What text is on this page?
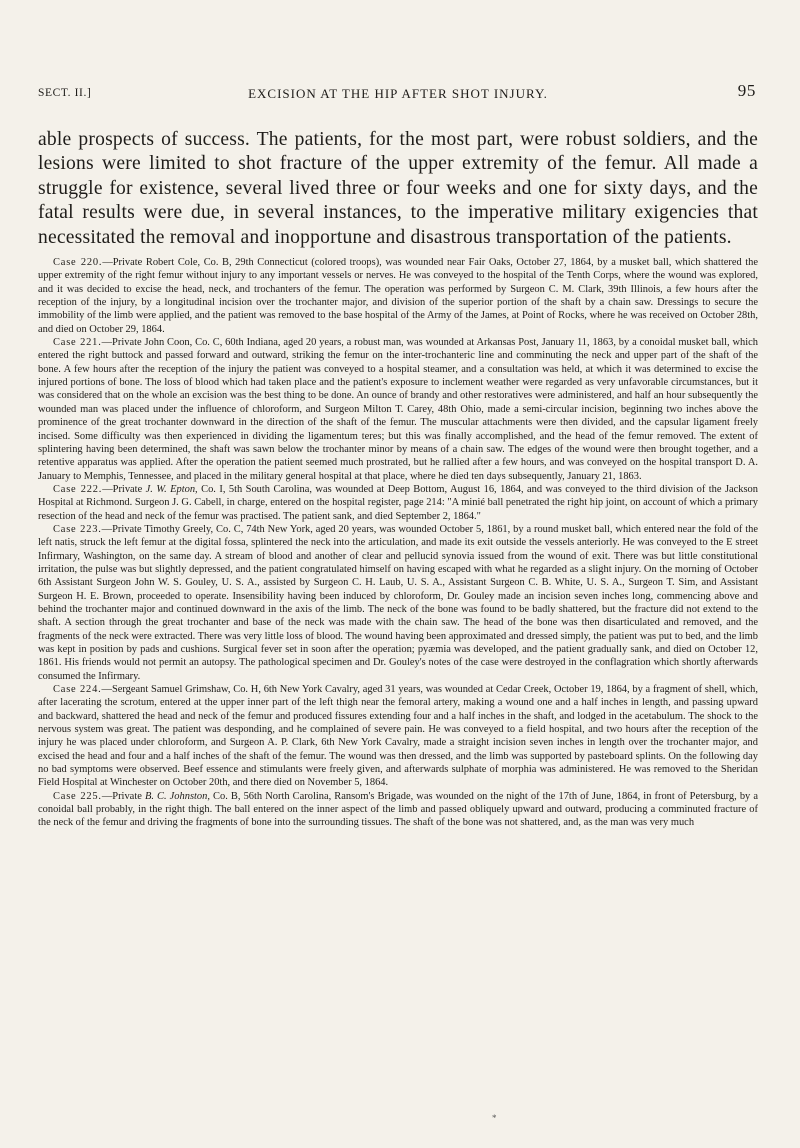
SECT. II.]	EXCISION AT THE HIP AFTER SHOT INJURY.	95

able prospects of success. The patients, for the most part, were robust soldiers, and the lesions were limited to shot fracture of the upper extremity of the femur. All made a struggle for existence, several lived three or four weeks and one for sixty days, and the fatal results were due, in several instances, to the imperative military exigencies that necessitated the removal and inopportune and disastrous transportation of the patients.

Case 220.—Private Robert Cole, Co. B, 29th Connecticut (colored troops), was wounded near Fair Oaks, October 27, 1864, by a musket ball, which shattered the upper extremity of the right femur without injury to any important vessels or nerves. He was conveyed to the hospital of the Tenth Corps, where the wound was explored, and it was decided to excise the head, neck, and trochanters of the femur. The operation was performed by Surgeon C. M. Clark, 39th Illinois, a few hours after the reception of the injury, by a longitudinal incision over the trochanter major, and division of the superior portion of the shaft by a chain saw. Dressings to secure the immobility of the limb were applied, and the patient was removed to the base hospital of the Army of the James, at Point of Rocks, where he was received on October 28th, and died on October 29, 1864.

Case 221.—Private John Coon, Co. C, 60th Indiana, aged 20 years, a robust man, was wounded at Arkansas Post, January 11, 1863, by a conoidal musket ball, which entered the right buttock and passed forward and outward, striking the femur on the inter-trochanteric line and comminuting the neck and upper part of the shaft of the bone. A few hours after the reception of the injury the patient was conveyed to a hospital steamer, and a consultation was held, at which it was determined to excise the injured portions of bone. The loss of blood which had taken place and the patient's exposure to inclement weather were regarded as very unfavorable circumstances, but it was considered that on the whole an excision was the best thing to be done. An ounce of brandy and other restoratives were administered, and half an hour subsequently the wounded man was placed under the influence of chloroform, and Surgeon Milton T. Carey, 48th Ohio, made a semi-circular incision, beginning two inches above the prominence of the great trochanter downward in the direction of the shaft of the femur. The muscular attachments were then divided, and the capsular ligament freely incised. Some difficulty was then experienced in dividing the ligamentum teres; but this was finally accomplished, and the head of the femur removed. The extent of splintering having been determined, the shaft was sawn below the trochanter minor by means of a chain saw. The edges of the wound were then brought together, and a retentive apparatus was applied. After the operation the patient seemed much prostrated, but he rallied after a few hours, and was conveyed on the hospital transport D. A. January to Memphis, Tennessee, and placed in the military general hospital at that place, where he died ten days subsequently, January 21, 1863.

Case 222.—Private J. W. Epton, Co. I, 5th South Carolina, was wounded at Deep Bottom, August 16, 1864, and was conveyed to the third division of the Jackson Hospital at Richmond. Surgeon J. G. Cabell, in charge, entered on the hospital register, page 214: "A minié ball penetrated the right hip joint, on account of which a primary resection of the head and neck of the femur was practised. The patient sank, and died September 2, 1864."

Case 223.—Private Timothy Greely, Co. C, 74th New York, aged 20 years, was wounded October 5, 1861, by a round musket ball, which entered near the fold of the left natis, struck the left femur at the digital fossa, splintered the neck into the articulation, and made its exit outside the vessels anteriorly. He was conveyed to the E street Infirmary, Washington, on the same day. A stream of blood and another of clear and pellucid synovia issued from the wound of exit. There was but little constitutional irritation, the pulse was but slightly depressed, and the patient congratulated himself on having escaped with what he regarded as a slight injury. On the morning of October 6th Assistant Surgeon John W. S. Gouley, U. S. A., assisted by Surgeon C. H. Laub, U. S. A., Assistant Surgeon C. B. White, U. S. A., Surgeon T. Sim, and Assistant Surgeon H. E. Brown, proceeded to operate. Insensibility having been induced by chloroform, Dr. Gouley made an incision seven inches long, commencing above and behind the trochanter major and continued downward in the axis of the limb. The neck of the bone was found to be badly shattered, but the fracture did not extend to the shaft. A section through the great trochanter and base of the neck was made with the chain saw. The head of the bone was then disarticulated and removed, and the fragments of the neck were extracted. There was very little loss of blood. The wound having been approximated and dressed simply, the patient was put to bed, and the limb was kept in position by pads and cushions. Surgical fever set in soon after the operation; pyæmia was developed, and the patient gradually sank, and died on October 12, 1861. His friends would not permit an autopsy. The pathological specimen and Dr. Gouley's notes of the case were destroyed in the conflagration which shortly afterwards consumed the Infirmary.

Case 224.—Sergeant Samuel Grimshaw, Co. H, 6th New York Cavalry, aged 31 years, was wounded at Cedar Creek, October 19, 1864, by a fragment of shell, which, after lacerating the scrotum, entered at the upper inner part of the left thigh near the femoral artery, making a wound one and a half inches in length, and passing upward and backward, shattered the head and neck of the femur and produced fissures extending four and a half inches in the shaft, and lodged in the acetabulum. The shock to the nervous system was great. The patient was desponding, and he complained of severe pain. He was conveyed to a field hospital, and two hours after the reception of the injury he was placed under chloroform, and Surgeon A. P. Clark, 6th New York Cavalry, made a straight incision seven inches in length over the trochanter major, and excised the head and four and a half inches of the shaft of the femur. The wound was then dressed, and the limb was supported by pasteboard splints. On the following day no bad symptoms were observed. Beef essence and stimulants were freely given, and afterwards sulphate of morphia was administered. He was removed to the Sheridan Field Hospital at Winchester on October 20th, and there died on November 5, 1864.

Case 225.—Private B. C. Johnston, Co. B, 56th North Carolina, Ransom's Brigade, was wounded on the night of the 17th of June, 1864, in front of Petersburg, by a conoidal ball probably, in the right thigh. The ball entered on the inner aspect of the limb and passed obliquely upward and outward, producing a comminuted fracture of the neck of the femur and driving the fragments of bone into the surrounding tissues. The shaft of the bone was not shattered, and, as the man was very much

*
